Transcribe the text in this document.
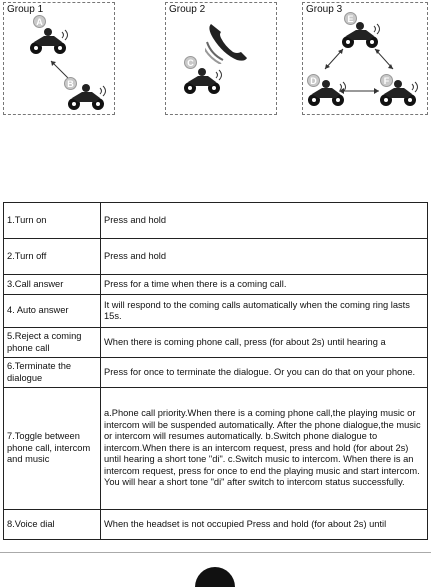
Group 1	Group 2	Group 3
A
B
C
E
D	F
1.Turn on	Press and hold
2.Turn off	Press and hold
3.Call answer	Press for a time when there is a coming call.
4. Auto answer	It will respond to the coming calls automatically when the coming ring lasts 15s.
5.Reject a coming phone call	When there is coming phone call, press (for about 2s) until hearing a
6.Terminate the dialogue	Press for once to terminate the dialogue. Or you can do that on your phone.
7.Toggle between phone call, intercom and music	a.Phone call priority.When there is a coming phone call,the playing music or intercom will be suspended automatically. After the phone dialogue,the music or intercom will resumes automatically. b.Switch phone dialogue to intercom.When there is an intercom request, press and hold (for about 2s) until hearing a short tone "di". c.Switch music to intercom. When there is an intercom request, press for once to end the playing music and start intercom. You will hear a short tone "di" after switch to intercom status successfully.
8.Voice dial	When the headset is not occupied Press and hold (for about 2s) until
